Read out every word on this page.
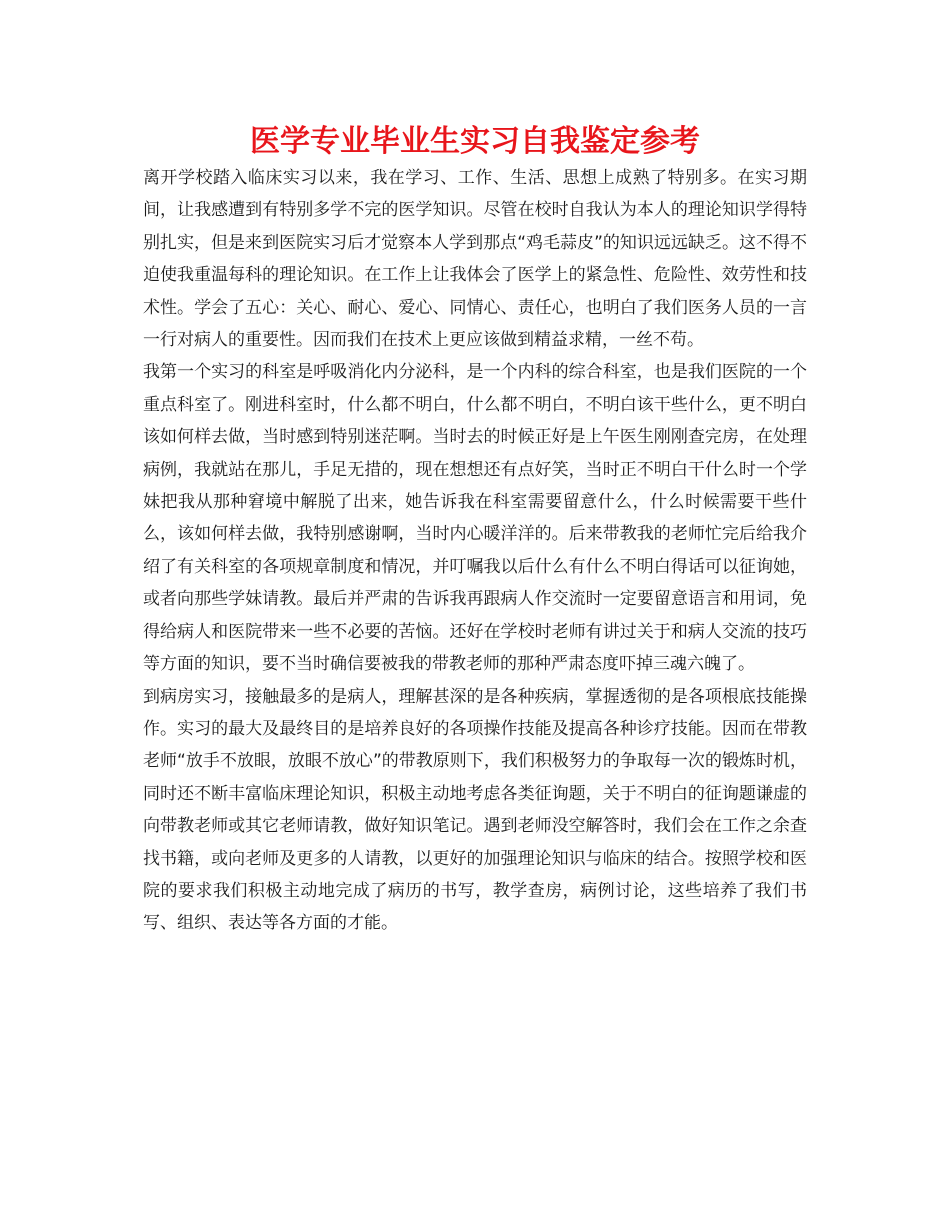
医学专业毕业生实习自我鉴定参考

离开学校踏入临床实习以来，我在学习、工作、生活、思想上成熟了特别多。在实习期间，让我感遭到有特别多学不完的医学知识。尽管在校时自我认为本人的理论知识学得特别扎实，但是来到医院实习后才觉察本人学到那点“鸡毛蒜皮”的知识远远缺乏。这不得不迫使我重温每科的理论知识。在工作上让我体会了医学上的紧急性、危险性、效劳性和技术性。学会了五心：关心、耐心、爱心、同情心、责任心，也明白了我们医务人员的一言一行对病人的重要性。因而我们在技术上更应该做到精益求精，一丝不苟。

我第一个实习的科室是呼吸消化内分泌科，是一个内科的综合科室，也是我们医院的一个重点科室了。刚进科室时，什么都不明白，什么都不明白，不明白该干些什么，更不明白该如何样去做，当时感到特别迷茫啊。当时去的时候正好是上午医生刚刚查完房，在处理病例，我就站在那儿，手足无措的，现在想想还有点好笑，当时正不明白干什么时一个学妹把我从那种窘境中解脱了出来，她告诉我在科室需要留意什么，什么时候需要干些什么，该如何样去做，我特别感谢啊，当时内心暖洋洋的。后来带教我的老师忙完后给我介绍了有关科室的各项规章制度和情况，并叮嘱我以后什么有什么不明白得话可以征询她，或者向那些学妹请教。最后并严肃的告诉我再跟病人作交流时一定要留意语言和用词，免得给病人和医院带来一些不必要的苦恼。还好在学校时老师有讲过关于和病人交流的技巧等方面的知识，要不当时确信要被我的带教老师的那种严肃态度吓掉三魂六魄了。

到病房实习，接触最多的是病人，理解甚深的是各种疾病，掌握透彻的是各项根底技能操作。实习的最大及最终目的是培养良好的各项操作技能及提高各种诊疗技能。因而在带教老师“放手不放眼，放眼不放心”的带教原则下，我们积极努力的争取每一次的锻炼时机，同时还不断丰富临床理论知识，积极主动地考虑各类征询题，关于不明白的征询题谦虚的向带教老师或其它老师请教，做好知识笔记。遇到老师没空解答时，我们会在工作之余查找书籍，或向老师及更多的人请教，以更好的加强理论知识与临床的结合。按照学校和医院的要求我们积极主动地完成了病历的书写，教学查房，病例讨论，这些培养了我们书写、组织、表达等各方面的才能。
